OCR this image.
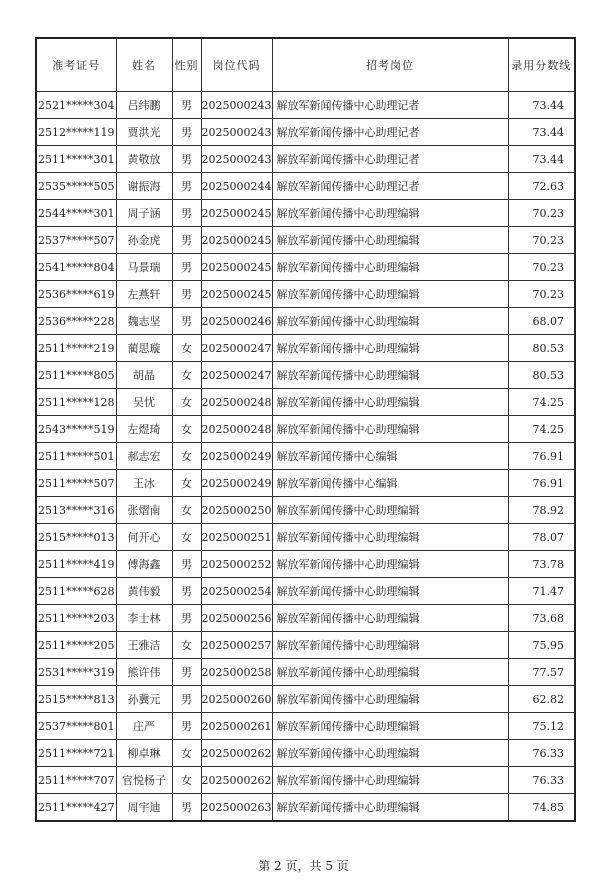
准考证号	姓名	性别	岗位代码	招考岗位	录用分数线
2521*****304	吕纬鹏	男	2025000243	解放军新闻传播中心助理记者	73.44
2512*****119	贾洪光	男	2025000243	解放军新闻传播中心助理记者	73.44
2511*****301	黄敬放	男	2025000243	解放军新闻传播中心助理记者	73.44
2535*****505	谢振海	男	2025000244	解放军新闻传播中心助理记者	72.63
2544*****301	周子涵	男	2025000245	解放军新闻传播中心助理编辑	70.23
2537*****507	孙金虎	男	2025000245	解放军新闻传播中心助理编辑	70.23
2541*****804	马景瑞	男	2025000245	解放军新闻传播中心助理编辑	70.23
2536*****619	左燕轩	男	2025000245	解放军新闻传播中心助理编辑	70.23
2536*****228	魏志坚	男	2025000246	解放军新闻传播中心助理编辑	68.07
2511*****219	蔺思璇	女	2025000247	解放军新闻传播中心助理编辑	80.53
2511*****805	胡晶	女	2025000247	解放军新闻传播中心助理编辑	80.53
2511*****128	吴忧	女	2025000248	解放军新闻传播中心助理编辑	74.25
2543*****519	左煜琦	女	2025000248	解放军新闻传播中心助理编辑	74.25
2511*****501	郝志宏	女	2025000249	解放军新闻传播中心编辑	76.91
2511*****507	王冰	女	2025000249	解放军新闻传播中心编辑	76.91
2513*****316	张熠南	女	2025000250	解放军新闻传播中心助理编辑	78.92
2515*****013	何开心	女	2025000251	解放军新闻传播中心助理编辑	78.07
2511*****419	傅海鑫	男	2025000252	解放军新闻传播中心助理编辑	73.78
2511*****628	黄伟毅	男	2025000254	解放军新闻传播中心助理编辑	71.47
2511*****203	李士林	男	2025000256	解放军新闻传播中心助理编辑	73.68
2511*****205	王雅洁	女	2025000257	解放军新闻传播中心助理编辑	75.95
2531*****319	熊许伟	男	2025000258	解放军新闻传播中心助理编辑	77.57
2515*****813	孙冀元	男	2025000260	解放军新闻传播中心助理编辑	62.82
2537*****801	庄严	男	2025000261	解放军新闻传播中心助理编辑	75.12
2511*****721	柳卓琳	女	2025000262	解放军新闻传播中心助理编辑	76.33
2511*****707	官悦杨子	女	2025000262	解放军新闻传播中心助理编辑	76.33
2511*****427	周宇迪	男	2025000263	解放军新闻传播中心助理编辑	74.85
第 2 页，共 5 页
